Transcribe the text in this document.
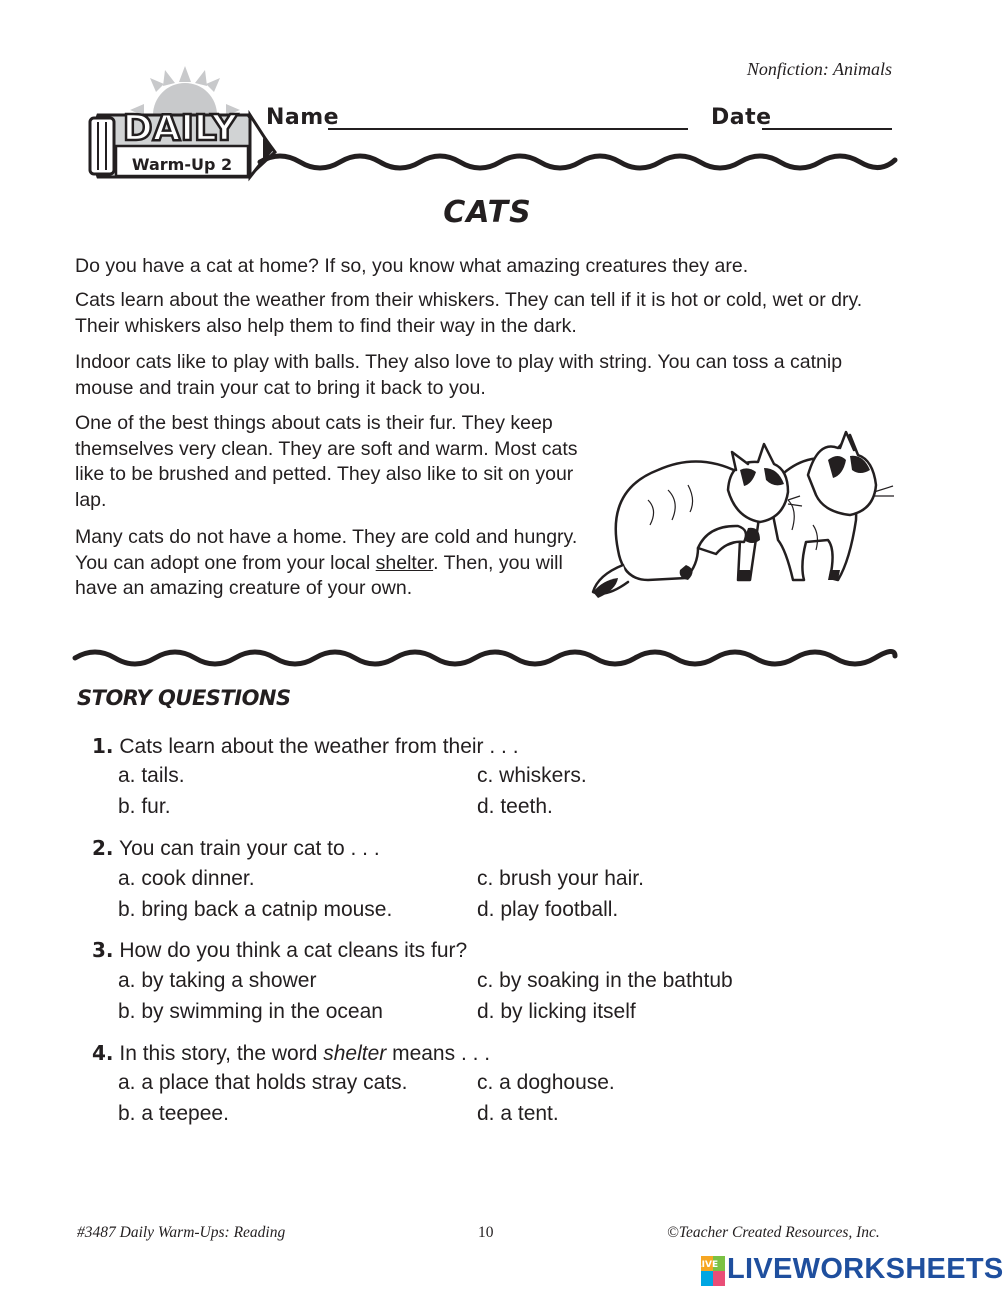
DAILY
Warm-Up 2
Nonfiction: Animals
Name	Date
CATS

Do you have a cat at home? If so, you know what amazing creatures they are.

Cats learn about the weather from their whiskers. They can tell if it is hot or cold, wet or dry. Their whiskers also help them to find their way in the dark.

Indoor cats like to play with balls. They also love to play with string. You can toss a catnip mouse and train your cat to bring it back to you.

One of the best things about cats is their fur. They keep themselves very clean. They are soft and warm. Most cats like to be brushed and petted. They also like to sit on your lap.

Many cats do not have a home. They are cold and hungry. You can adopt one from your local shelter. Then, you will have an amazing creature of your own.

STORY QUESTIONS
1. Cats learn about the weather from their . . .
a. tails.	c. whiskers.
b. fur.	d. teeth.
2. You can train your cat to . . .
a. cook dinner.	c. brush your hair.
b. bring back a catnip mouse.	d. play football.
3. How do you think a cat cleans its fur?
a. by taking a shower	c. by soaking in the bathtub
b. by swimming in the ocean	d. by licking itself
4. In this story, the word shelter means . . .
a. a place that holds stray cats.	c. a doghouse.
b. a teepee.	d. a tent.
#3487 Daily Warm-Ups: Reading	10	©Teacher Created Resources, Inc.
LIVE LIVEWORKSHEETS
